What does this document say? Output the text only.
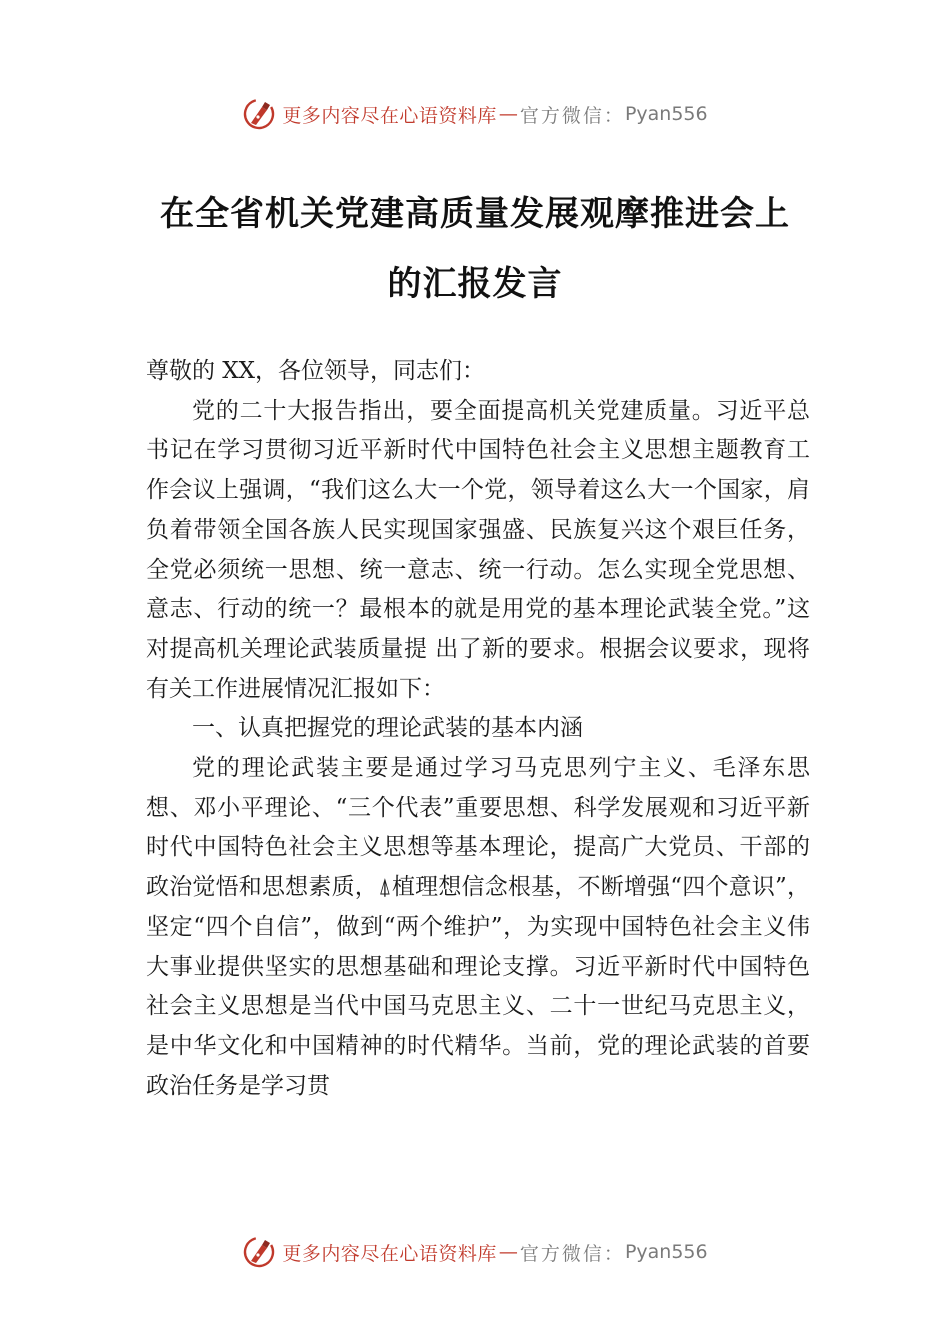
更多内容尽在心语资料库 — 官方微信： Pyan556
在全省机关党建高质量发展观摩推进会上
的汇报发言

尊敬的 XX，各位领导，同志们：

党的二十大报告指出，要全面提高机关党建质量。习近平总书记在学习贯彻习近平新时代中国特色社会主义思想主题教育工作会议上强调，“我们这么大一个党，领导着这么大一个国家，肩负着带领全国各族人民实现国家强盛、民族复兴这个艰巨任务，全党必须统一思想、统一意志、统一行动。怎么实现全党思想、意志、行动的统一？最根本的就是用党的基本理论武装全党。”这对提高机关理论武装质量提 出了新的要求。根据会议要求，现将有关工作进展情况汇报如下：

一、认真把握党的理论武装的基本内涵

党的理论武装主要是通过学习马克思列宁主义、毛泽东思想、邓小平理论、“三个代表”重要思想、科学发展观和习近平新时代中国特色社会主义思想等基本理论，提高广大党员、干部的政治觉悟和思想素质，⍋植理想信念根基，不断增强“四个意识”，坚定“四个自信”，做到“两个维护”，为实现中国特色社会主义伟大事业提供坚实的思想基础和理论支撑。习近平新时代中国特色社会主义思想是当代中国马克思主义、二十一世纪马克思主义，是中华文化和中国精神的时代精华。当前，党的理论武装的首要政治任务是学习贯

更多内容尽在心语资料库 — 官方微信： Pyan556
